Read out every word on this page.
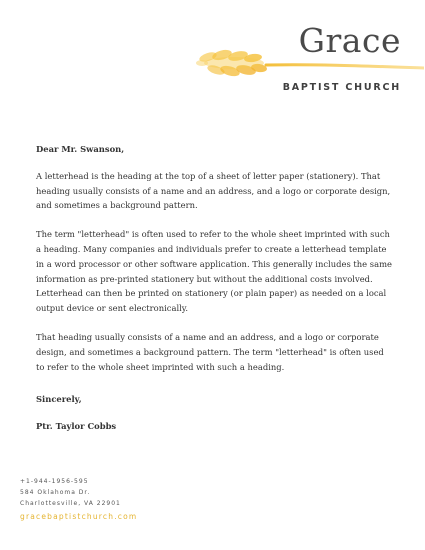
Grace
BAPTIST CHURCH

Dear Mr. Swanson,

A letterhead is the heading at the top of a sheet of letter paper (stationery). That heading usually consists of a name and an address, and a logo or corporate design, and sometimes a background pattern.

The term "letterhead" is often used to refer to the whole sheet imprinted with such a heading. Many companies and individuals prefer to create a letterhead template in a word processor or other software application. This generally includes the same information as pre-printed stationery but without the additional costs involved. Letterhead can then be printed on stationery (or plain paper) as needed on a local output device or sent electronically.

That heading usually consists of a name and an address, and a logo or corporate design, and sometimes a background pattern. The term "letterhead" is often used to refer to the whole sheet imprinted with such a heading.

Sincerely,

Ptr. Taylor Cobbs

+1-944-1956-595
584 Oklahoma Dr.
Charlottesville, VA 22901
gracebaptistchurch.com
